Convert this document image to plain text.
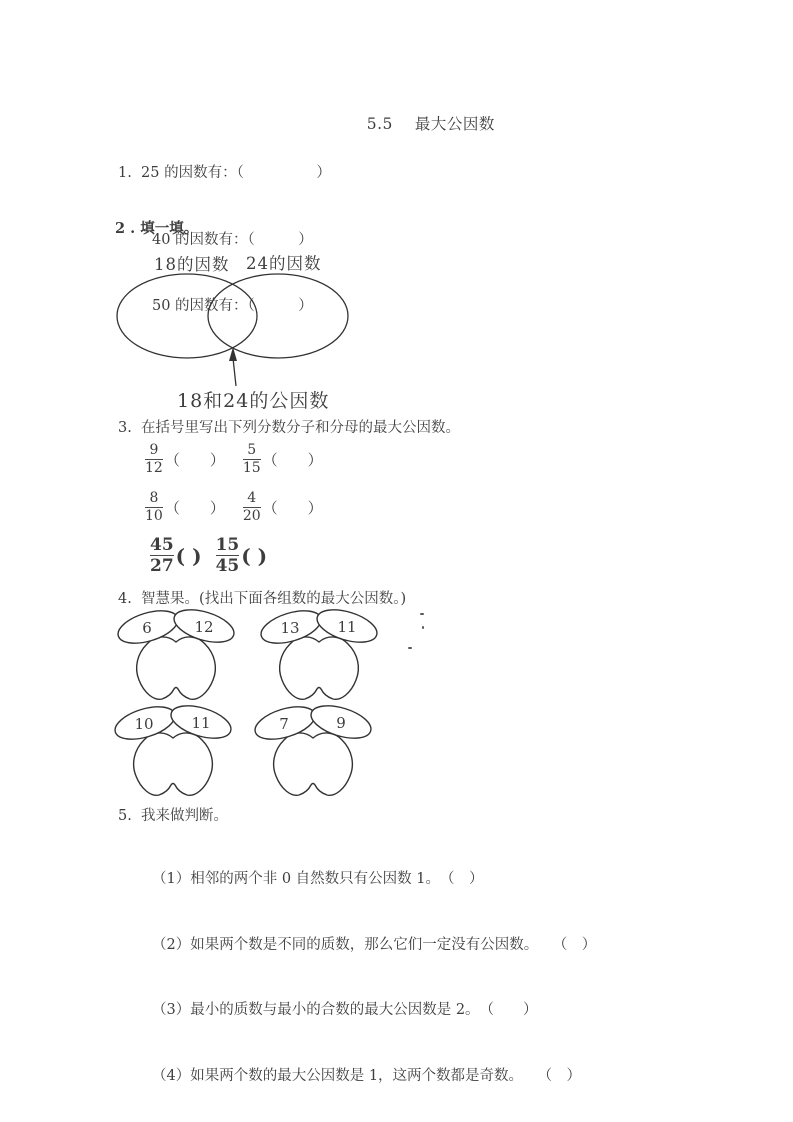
5.5 最大公因数

1.  25 的因数有：（　　　　　）

40 的因数有：（　　　）

50 的因数有：（　　　）

2 . 填一填。
18的因数 24的因数
18和24的公因数
3.  在括号里写出下列分数分子和分母的最大公因数。
$\frac{9}{12}$ （　　） $\frac{5}{15}$ （　　）
$\frac{8}{10}$ （　　） $\frac{4}{20}$ （　　）
$\frac{45}{27}$ ( ) $\frac{15}{45}$ ( )
4.  智慧果。(找出下面各组数的最大公因数。)
6	12	13	11
10	11	7	9
5.  我来做判断。

（1）相邻的两个非 0 自然数只有公因数 1。　（　）

（2）如果两个数是不同的质数，那么它们一定没有公因数。　　（　）

（3）最小的质数与最小的合数的最大公因数是 2。　（　　）

（4）如果两个数的最大公因数是 1，这两个数都是奇数。　　（　）
